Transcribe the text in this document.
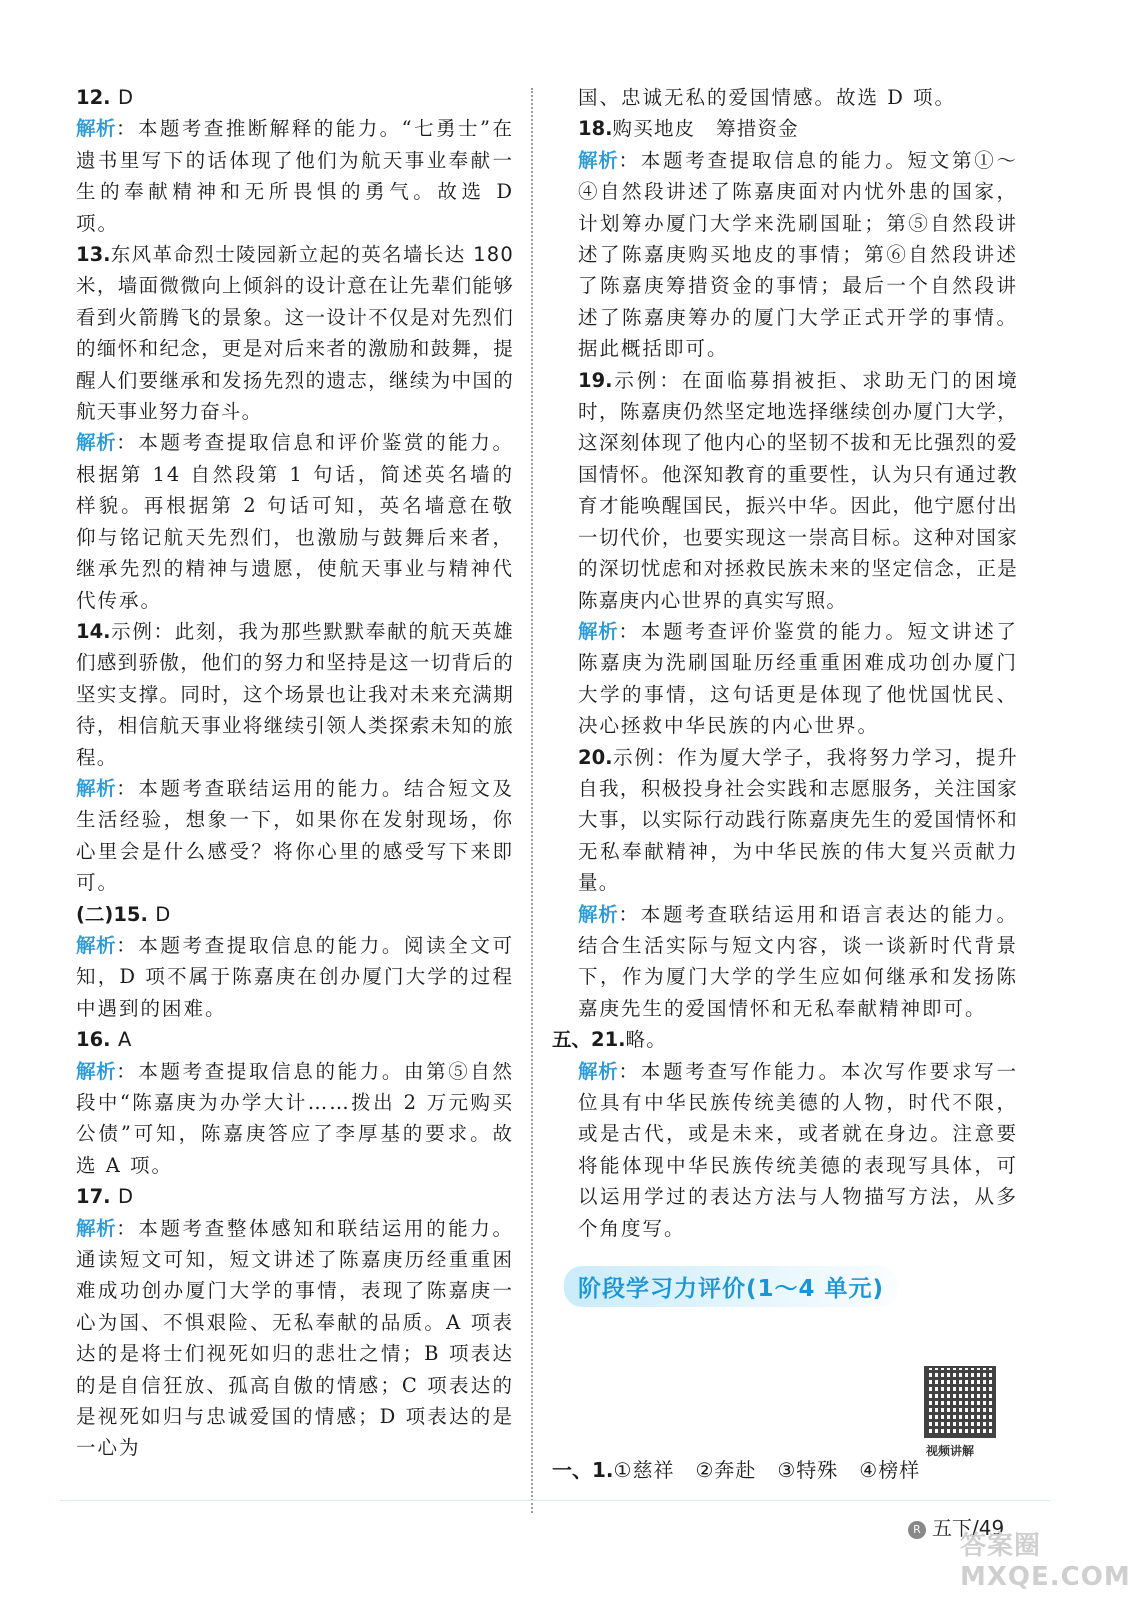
12. D

解析：本题考查推断解释的能力。“七勇士”在遗书里写下的话体现了他们为航天事业奉献一生的奉献精神和无所畏惧的勇气。故选 D 项。

13.东风革命烈士陵园新立起的英名墙长达 180 米，墙面微微向上倾斜的设计意在让先辈们能够看到火箭腾飞的景象。这一设计不仅是对先烈们的缅怀和纪念，更是对后来者的激励和鼓舞，提醒人们要继承和发扬先烈的遗志，继续为中国的航天事业努力奋斗。

解析：本题考查提取信息和评价鉴赏的能力。根据第 14 自然段第 1 句话，简述英名墙的样貌。再根据第 2 句话可知，英名墙意在敬仰与铭记航天先烈们，也激励与鼓舞后来者，继承先烈的精神与遗愿，使航天事业与精神代代传承。

14.示例：此刻，我为那些默默奉献的航天英雄们感到骄傲，他们的努力和坚持是这一切背后的坚实支撑。同时，这个场景也让我对未来充满期待，相信航天事业将继续引领人类探索未知的旅程。

解析：本题考查联结运用的能力。结合短文及生活经验，想象一下，如果你在发射现场，你心里会是什么感受？将你心里的感受写下来即可。

(二)15. D

解析：本题考查提取信息的能力。阅读全文可知，D 项不属于陈嘉庚在创办厦门大学的过程中遇到的困难。

16. A

解析：本题考查提取信息的能力。由第⑤自然段中“陈嘉庚为办学大计……拨出 2 万元购买公债”可知，陈嘉庚答应了李厚基的要求。故选 A 项。

17. D

解析：本题考查整体感知和联结运用的能力。通读短文可知，短文讲述了陈嘉庚历经重重困难成功创办厦门大学的事情，表现了陈嘉庚一心为国、不惧艰险、无私奉献的品质。A 项表达的是将士们视死如归的悲壮之情；B 项表达的是自信狂放、孤高自傲的情感；C 项表达的是视死如归与忠诚爱国的情感；D 项表达的是一心为

国、忠诚无私的爱国情感。故选 D 项。

18.购买地皮　筹措资金

解析：本题考查提取信息的能力。短文第①～④自然段讲述了陈嘉庚面对内忧外患的国家，计划筹办厦门大学来洗刷国耻；第⑤自然段讲述了陈嘉庚购买地皮的事情；第⑥自然段讲述了陈嘉庚筹措资金的事情；最后一个自然段讲述了陈嘉庚筹办的厦门大学正式开学的事情。据此概括即可。

19.示例：在面临募捐被拒、求助无门的困境时，陈嘉庚仍然坚定地选择继续创办厦门大学，这深刻体现了他内心的坚韧不拔和无比强烈的爱国情怀。他深知教育的重要性，认为只有通过教育才能唤醒国民，振兴中华。因此，他宁愿付出一切代价，也要实现这一崇高目标。这种对国家的深切忧虑和对拯救民族未来的坚定信念，正是陈嘉庚内心世界的真实写照。

解析：本题考查评价鉴赏的能力。短文讲述了陈嘉庚为洗刷国耻历经重重困难成功创办厦门大学的事情，这句话更是体现了他忧国忧民、决心拯救中华民族的内心世界。

20.示例：作为厦大学子，我将努力学习，提升自我，积极投身社会实践和志愿服务，关注国家大事，以实际行动践行陈嘉庚先生的爱国情怀和无私奉献精神，为中华民族的伟大复兴贡献力量。

解析：本题考查联结运用和语言表达的能力。结合生活实际与短文内容，谈一谈新时代背景下，作为厦门大学的学生应如何继承和发扬陈嘉庚先生的爱国情怀和无私奉献精神即可。

五、21.略。

解析：本题考查写作能力。本次写作要求写一位具有中华民族传统美德的人物，时代不限，或是古代，或是未来，或者就在身边。注意要将能体现中华民族传统美德的表现写具体，可以运用学过的表达方法与人物描写方法，从多个角度写。

阶段学习力评价(1～4 单元)
视频讲解
一、1.①慈祥　②奔赴　③特殊　④榜样
R 五下/49
答案圈 MXQE.COM
